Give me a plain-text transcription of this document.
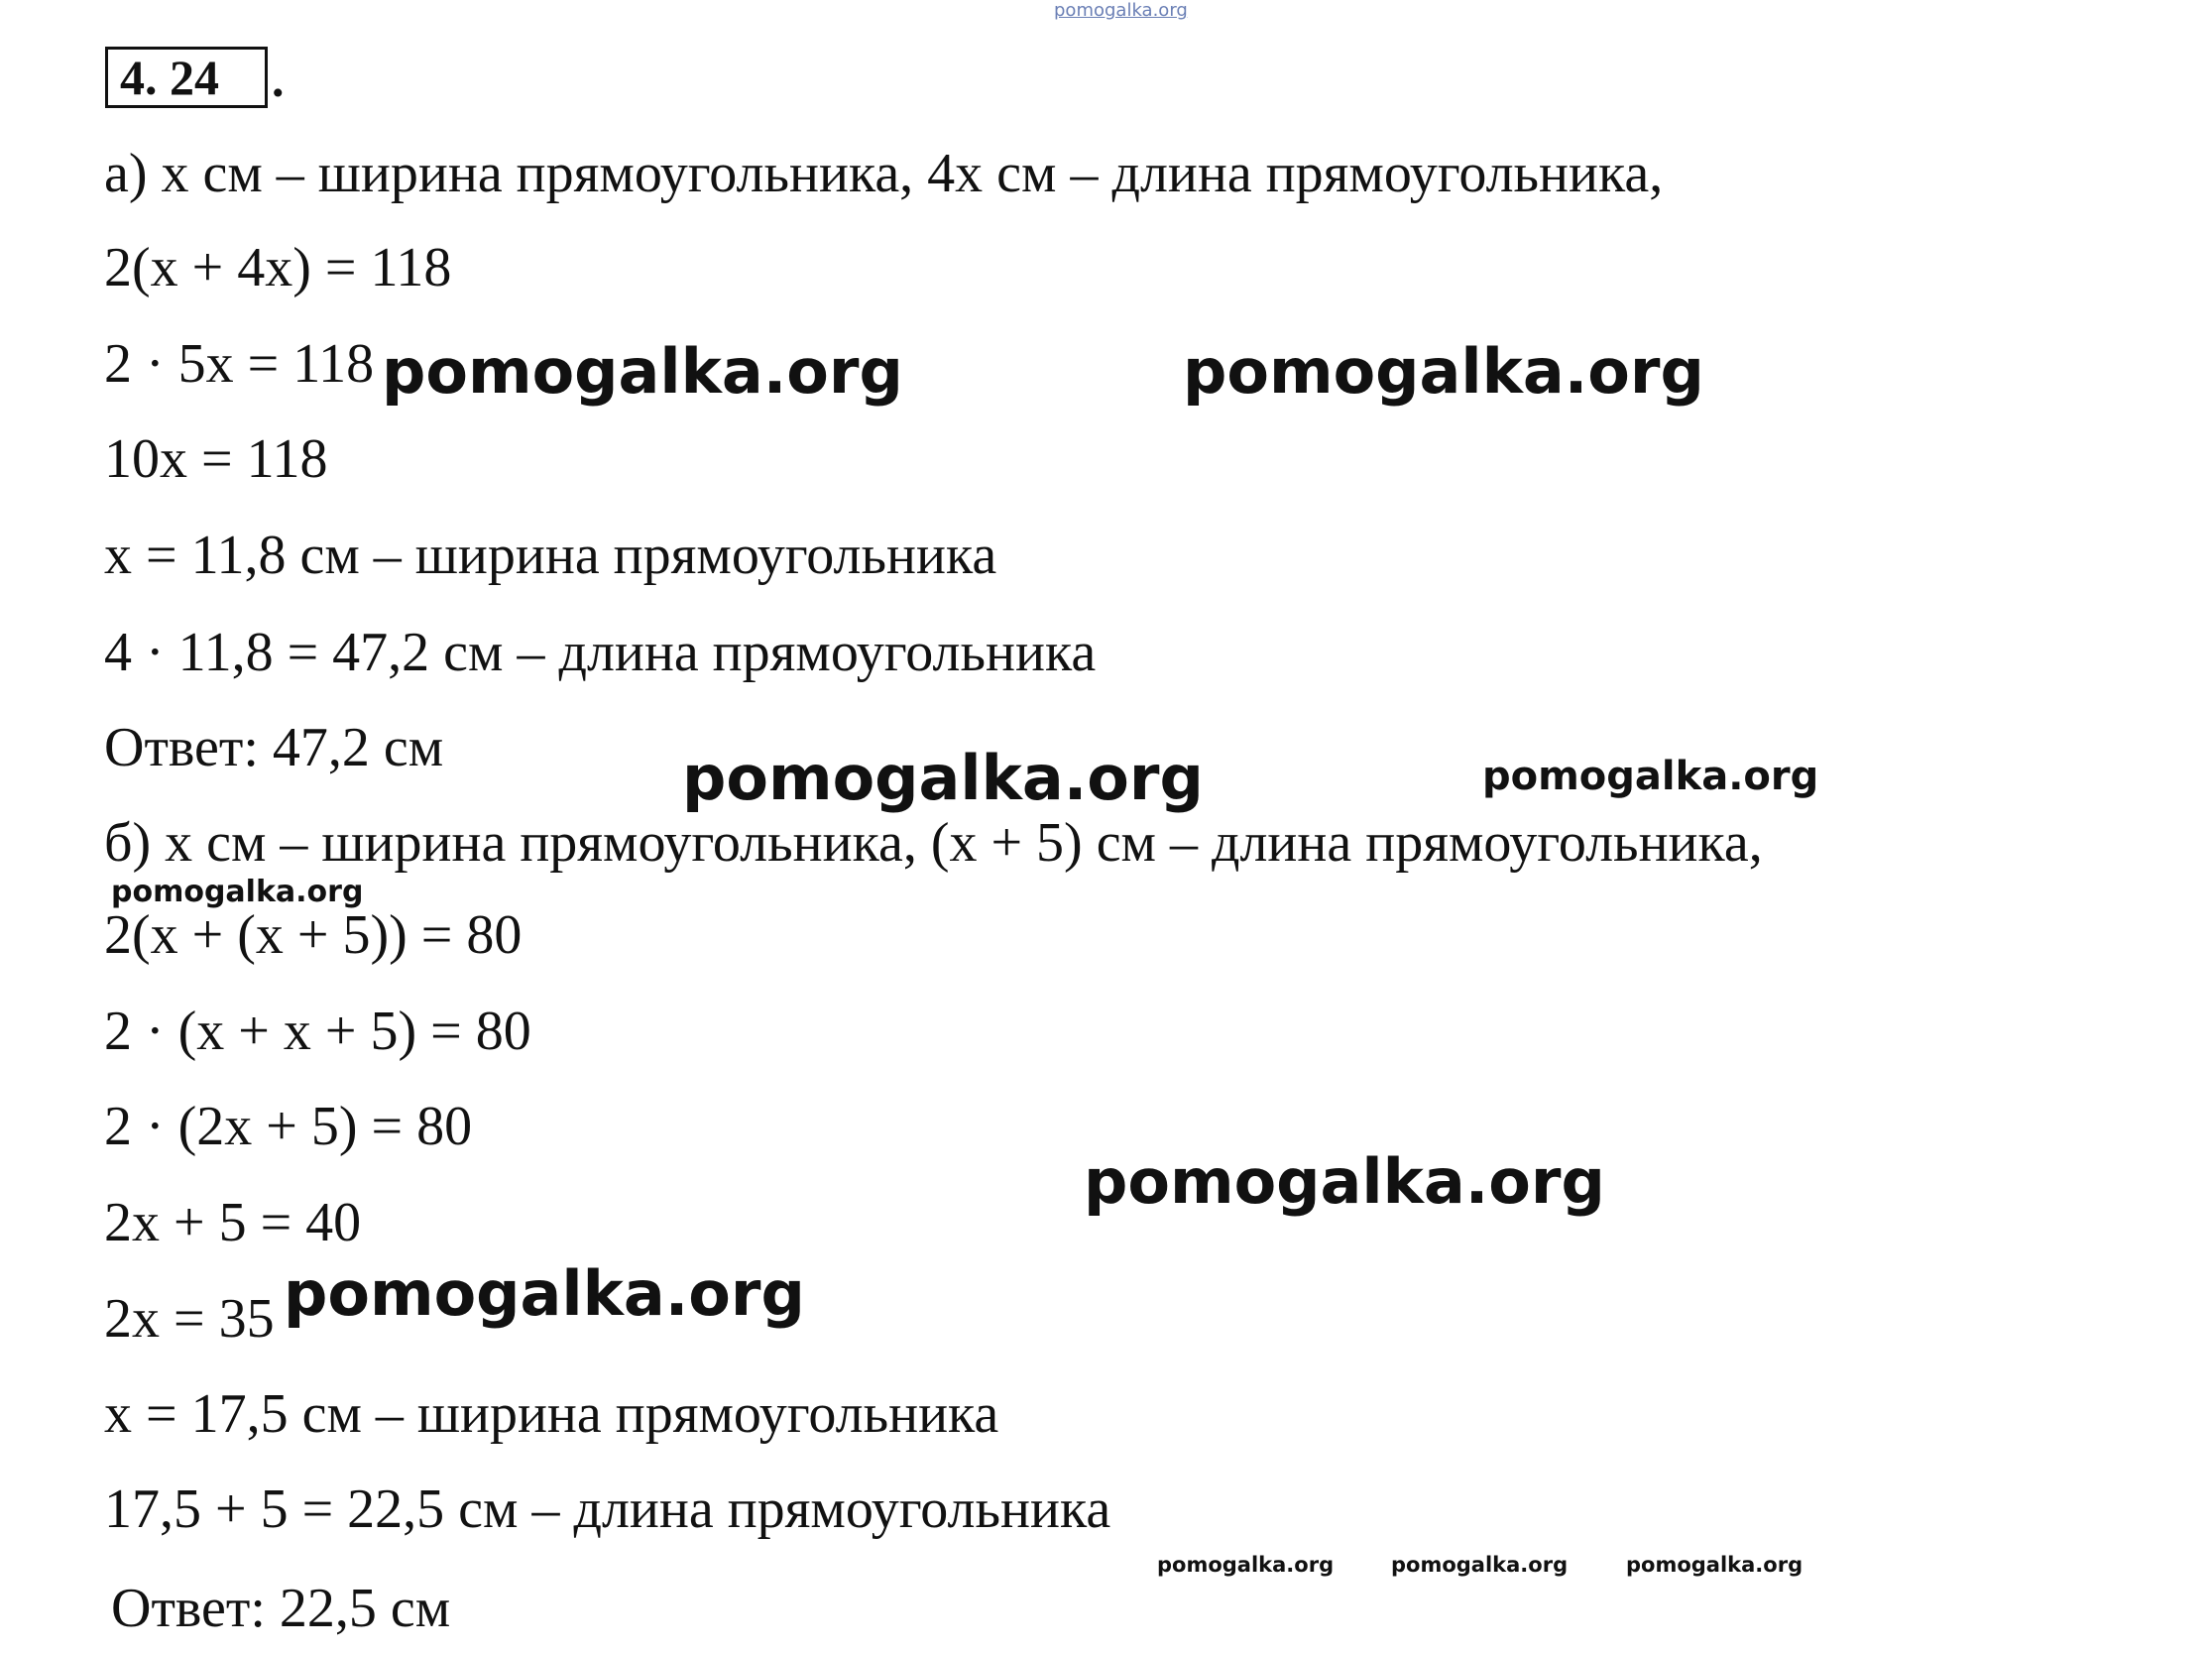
pomogalka.org
4. 24	.
а) x см – ширина прямоугольника, 4x см – длина прямоугольника,
2(x + 4x) = 118
2 · 5x = 118
10x = 118
x = 11,8 см – ширина прямоугольника
4 · 11,8 = 47,2 см – длина прямоугольника
Ответ: 47,2 см
б) x см – ширина прямоугольника, (x + 5) см – длина прямоугольника,
2(x + (x + 5)) = 80
2 · (x + x + 5) = 80
2 · (2x + 5) = 80
2x + 5 = 40
2x = 35
x = 17,5 см – ширина прямоугольника
17,5 + 5 = 22,5 см – длина прямоугольника
Ответ: 22,5 см
pomogalka.org	pomogalka.org
pomogalka.org	pomogalka.org
pomogalka.org
pomogalka.org
pomogalka.org
pomogalka.org	pomogalka.org	pomogalka.org
